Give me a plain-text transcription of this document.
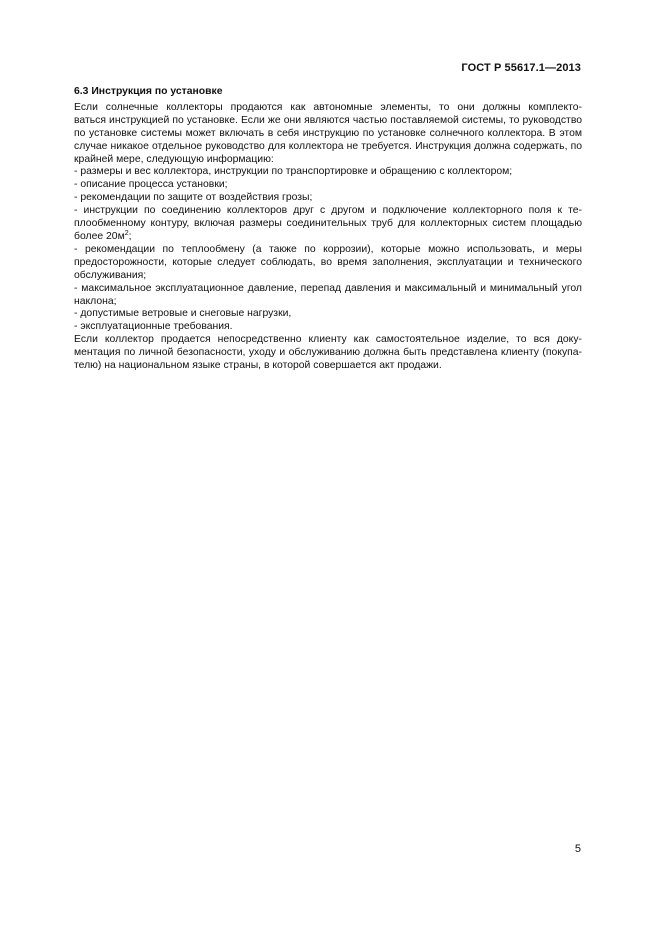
ГОСТ Р 55617.1—2013
6.3 Инструкция по установке

Если солнечные коллекторы продаются как автономные элементы, то они должны комплекто-
ваться инструкцией по установке. Если же они являются частью поставляемой системы, то руководство
по установке системы может включать в себя инструкцию по установке солнечного коллектора. В этом
случае никакое отдельное руководство для коллектора не требуется. Инструкция должна содержать, по
крайней мере, следующую информацию:

- размеры и вес коллектора, инструкции по транспортировке и обращению с коллектором;
- описание процесса установки;
- рекомендации по защите от воздействия грозы;
- инструкции по соединению коллекторов друг с другом и подключение коллекторного поля к те-плообменному контуру, включая размеры соединительных труб для коллекторных систем площадью более $20м^2$;
- рекомендации по теплообмену (а также по коррозии), которые можно использовать, и меры предосторожности, которые следует соблюдать, во время заполнения, эксплуатации и технического обслуживания;
- максимальное эксплуатационное давление, перепад давления и максимальный и минимальный угол наклона;
- допустимые ветровые и снеговые нагрузки,
- эксплуатационные требования.

Если коллектор продается непосредственно клиенту как самостоятельное изделие, то вся доку-ментация по личной безопасности, уходу и обслуживанию должна быть представлена клиенту (покупа-телю) на национальном языке страны, в которой совершается акт продажи.

5
